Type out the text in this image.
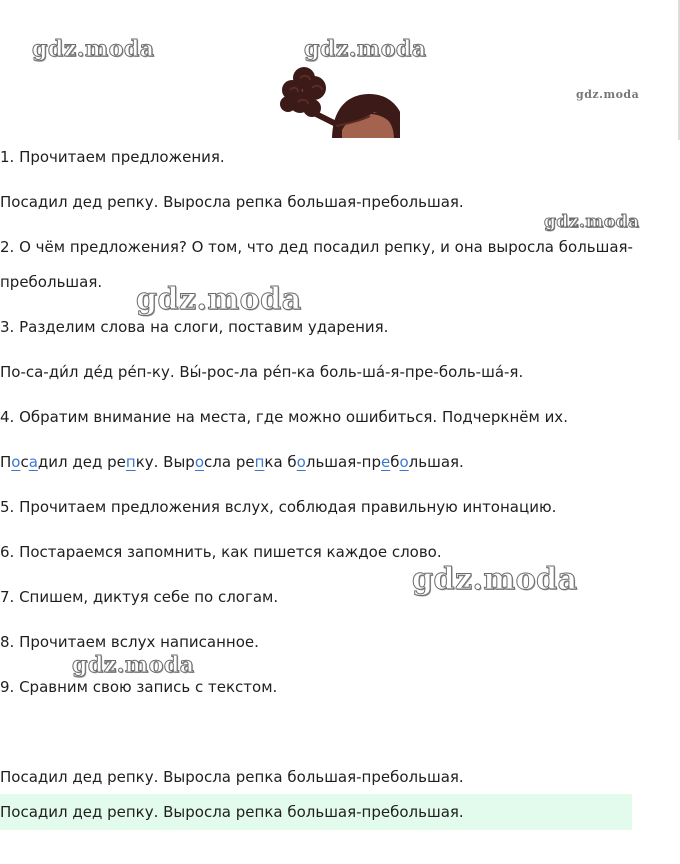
gdz.moda	gdz.moda
gdz.moda
gdz.moda
gdz.moda
gdz.moda
gdz.moda

1. Прочитаем предложения.

Посадил дед репку. Выросла репка большая-пребольшая.

2. О чём предложения? О том, что дед посадил репку, и она выросла большая-

пребольшая.

3. Разделим слова на слоги, поставим ударения.

По-са-ди́л де́д ре́п-ку. Вы́-рос-ла ре́п-ка боль-ша́-я-пре-боль-ша́-я.

4. Обратим внимание на места, где можно ошибиться. Подчеркнём их.

Посадил дед репку. Выросла репка большая-пребольшая.

5. Прочитаем предложения вслух, соблюдая правильную интонацию.

6. Постараемся запомнить, как пишется каждое слово.

7. Спишем, диктуя себе по слогам.

8. Прочитаем вслух написанное.

9. Сравним свою запись с текстом.

Посадил дед репку. Выросла репка большая-пребольшая.

Посадил дед репку. Выросла репка большая-пребольшая.
